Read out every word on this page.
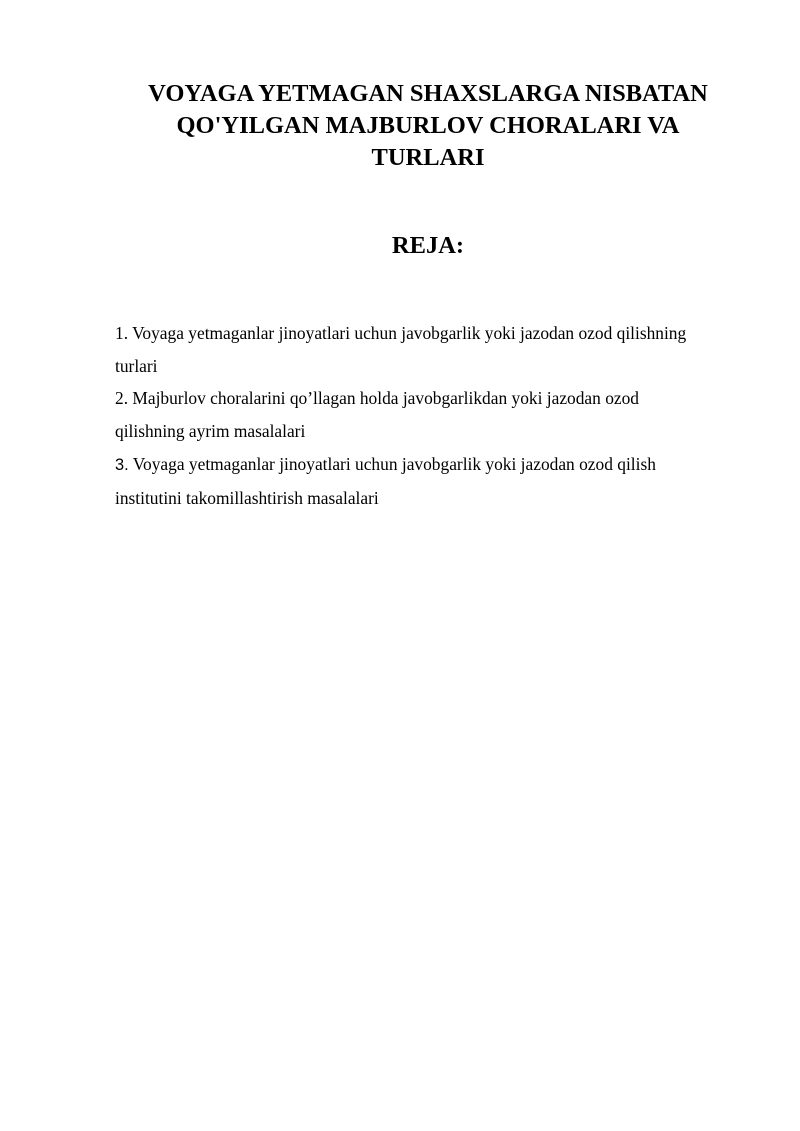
VOYAGA YETMAGAN SHAXSLARGA NISBATAN
QO'YILGAN MAJBURLOV CHORALARI VA
TURLARI
REJA:
1. Voyaga yetmaganlar jinoyatlari uchun javobgarlik yoki jazodan ozod qilishning
turlari
2. Majburlov choralarini qo’llagan holda javobgarlikdan yoki jazodan ozod
qilishning ayrim masalalari
3. Voyaga yetmaganlar jinoyatlari uchun javobgarlik yoki jazodan ozod qilish
institutini takomillashtirish masalalari
